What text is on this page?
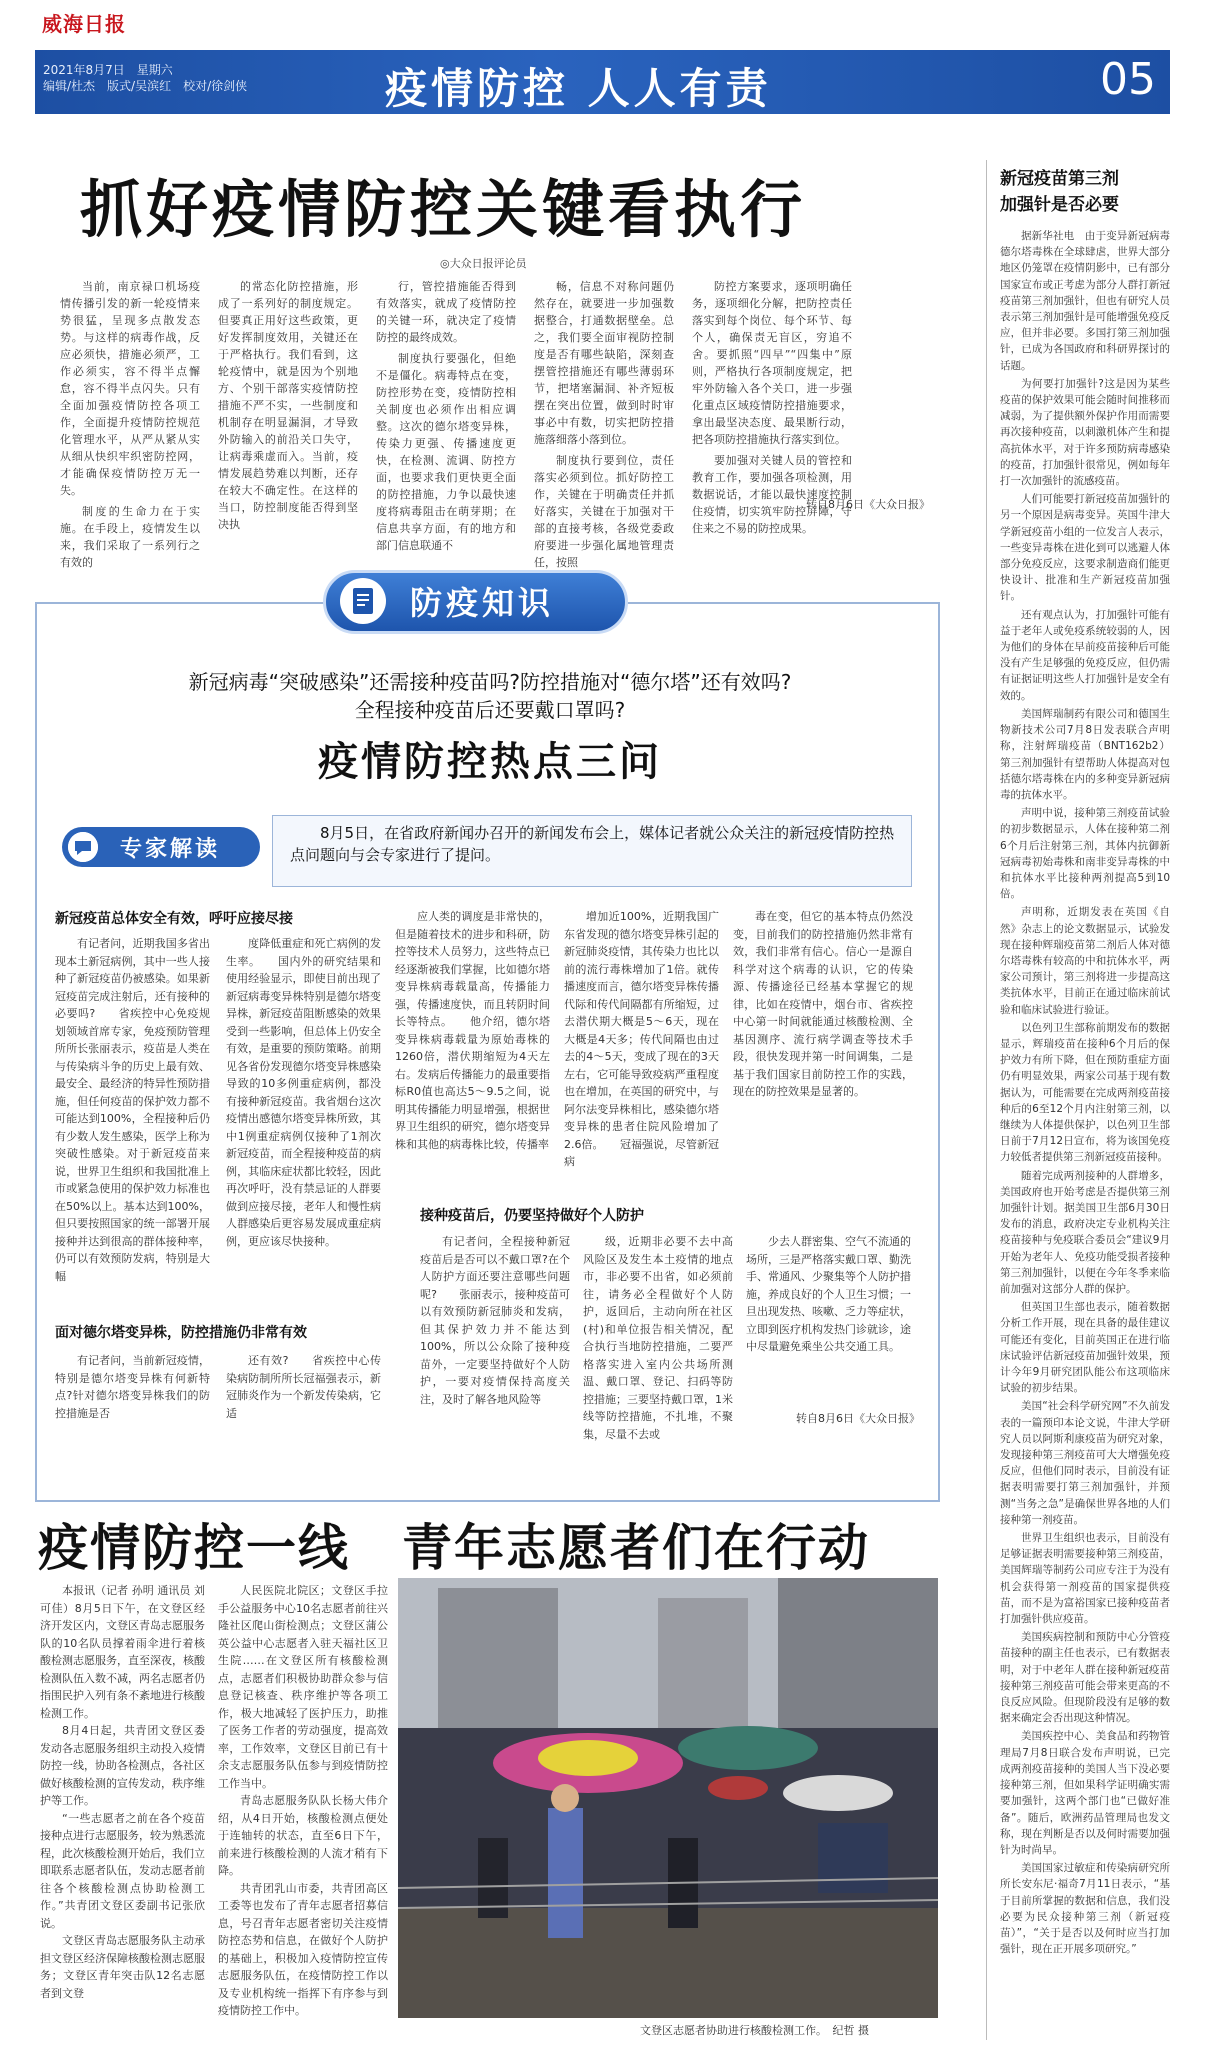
威海日报
2021年8月7日　星期六
编辑/杜杰　版式/吴滨红　校对/徐剑侠	疫情防控 人人有责	05
抓好疫情防控关键看执行
◎大众日报评论员

当前，南京禄口机场疫情传播引发的新一轮疫情来势很猛，呈现多点散发态势。与这样的病毒作战，反应必须快，措施必须严，工作必须实，容不得半点懈怠，容不得半点闪失。只有全面加强疫情防控各项工作，全面提升疫情防控规范化管理水平，从严从紧从实从细从快织牢织密防控网，才能确保疫情防控万无一失。

制度的生命力在于实施。在手段上，疫情发生以来，我们采取了一系列行之有效的

的常态化防控措施，形成了一系列好的制度规定。但要真正用好这些政策，更好发挥制度效用，关键还在于严格执行。我们看到，这轮疫情中，就是因为个别地方、个别干部落实疫情防控措施不严不实，一些制度和机制存在明显漏洞，才导致外防输入的前沿关口失守，让病毒乘虚而入。当前，疫情发展趋势难以判断，还存在较大不确定性。在这样的当口，防控制度能否得到坚决执

行，管控措施能否得到有效落实，就成了疫情防控的关键一环，就决定了疫情防控的最终成效。

制度执行要强化，但绝不是僵化。病毒特点在变，防控形势在变，疫情防控相关制度也必须作出相应调整。这次的德尔塔变异株，传染力更强、传播速度更快，在检测、流调、防控方面，也要求我们更快更全面的防控措施，力争以最快速度将病毒阻击在萌芽期；在信息共享方面，有的地方和部门信息联通不

畅，信息不对称问题仍然存在，就要进一步加强数据整合，打通数据壁垒。总之，我们要全面审视防控制度是否有哪些缺陷，深刻查摆管控措施还有哪些薄弱环节，把堵塞漏洞、补齐短板摆在突出位置，做到时时审事必中有数，切实把防控措施落细落小落到位。

制度执行要到位，责任落实必须到位。抓好防控工作，关键在于明确责任并抓好落实，关键在于加强对干部的直接考核，各级党委政府要进一步强化属地管理责任，按照

防控方案要求，逐项明确任务，逐项细化分解，把防控责任落实到每个岗位、每个环节、每个人，确保责无盲区，穷追不舍。要抓照“四早”“四集中”原则，严格执行各项制度规定，把牢外防输入各个关口，进一步强化重点区域疫情防控措施要求，拿出最坚决态度、最果断行动，把各项防控措施执行落实到位。

要加强对关键人员的管控和教育工作，要加强各项检测，用数据说话，才能以最快速度控制住疫情，切实筑牢防控屏障，守住来之不易的防控成果。

转自8月6日《大众日报》
新冠疫苗第三剂
加强针是否必要

据新华社电　由于变异新冠病毒德尔塔毒株在全球肆虐，世界大部分地区仍笼罩在疫情阴影中，已有部分国家宣布或正考虑为部分人群打新冠疫苗第三剂加强针，但也有研究人员表示第三剂加强针是可能增强免疫反应，但并非必要。多国打第三剂加强针，已成为各国政府和科研界探讨的话题。

为何要打加强针?这是因为某些疫苗的保护效果可能会随时间推移而减弱，为了提供额外保护作用而需要再次接种疫苗，以刺激机体产生和提高抗体水平，对于许多预防病毒感染的疫苗，打加强针很常见，例如每年打一次加强针的流感疫苗。

人们可能要打新冠疫苗加强针的另一个原因是病毒变异。英国牛津大学新冠疫苗小组的一位发言人表示，一些变异毒株在进化到可以逃避人体部分免疫反应，这要求制造商们能更快设计、批准和生产新冠疫苗加强针。

还有观点认为，打加强针可能有益于老年人或免疫系统较弱的人，因为他们的身体在早前疫苗接种后可能没有产生足够强的免疫反应，但仍需有证据证明这些人打加强针是安全有效的。

美国辉瑞制药有限公司和德国生物新技术公司7月8日发表联合声明称，注射辉瑞疫苗（BNT162b2）第三剂加强针有望帮助人体提高对包括德尔塔毒株在内的多种变异新冠病毒的抗体水平。

声明中说，接种第三剂疫苗试验的初步数据显示，人体在接种第二剂6个月后注射第三剂，其体内抗御新冠病毒初始毒株和南非变异毒株的中和抗体水平比接种两剂提高5到10倍。

声明称，近期发表在英国《自然》杂志上的论文数据显示，试验发现在接种辉瑞疫苗第二剂后人体对德尔塔毒株有较高的中和抗体水平，两家公司预计，第三剂将进一步提高这类抗体水平，目前正在通过临床前试验和临床试验进行验证。

以色列卫生部称前期发布的数据显示，辉瑞疫苗在接种6个月后的保护效力有所下降，但在预防重症方面仍有明显效果，两家公司基于现有数据认为，可能需要在完成两剂疫苗接种后的6至12个月内注射第三剂，以继续为人体提供保护，以色列卫生部日前于7月12日宣布，将为该国免疫力较低者提供第三剂新冠疫苗接种。

随着完成两剂接种的人群增多，美国政府也开始考虑是否提供第三剂加强针计划。据美国卫生部6月30日发布的消息，政府决定专业机构关注疫苗接种与免疫联合委员会“建议9月开始为老年人、免疫功能受损者接种第三剂加强针，以便在今年冬季来临前加强对这部分人群的保护。

但英国卫生部也表示，随着数据分析工作开展，现在具备的最佳建议可能还有变化，目前英国正在进行临床试验评估新冠疫苗加强针效果，预计今年9月研究团队能公布这项临床试验的初步结果。

美国“社会科学研究网”不久前发表的一篇预印本论文说，牛津大学研究人员以阿斯利康疫苗为研究对象，发现接种第三剂疫苗可大大增强免疫反应，但他们同时表示，目前没有证据表明需要打第三剂加强针，并预测“当务之急”是确保世界各地的人们接种第一剂疫苗。

世界卫生组织也表示，目前没有足够证据表明需要接种第三剂疫苗，美国辉瑞等制药公司应专注于为没有机会获得第一剂疫苗的国家提供疫苗，而不是为富裕国家已接种疫苗者打加强针供应疫苗。

美国疾病控制和预防中心分管疫苗接种的副主任也表示，已有数据表明，对于中老年人群在接种新冠疫苗接种第三剂疫苗可能会带来更高的不良反应风险。但现阶段没有足够的数据来确定会否出现这种情况。

美国疾控中心、美食品和药物管理局7月8日联合发布声明说，已完成两剂疫苗接种的美国人当下没必要接种第三剂，但如果科学证明确实需要加强针，这两个部门也“已做好准备”。随后，欧洲药品管理局也发文称，现在判断是否以及何时需要加强针为时尚早。

美国国家过敏症和传染病研究所所长安东尼·福奇7月11日表示，“基于目前所掌握的数据和信息，我们没必要为民众接种第三剂（新冠疫苗）”，“关于是否以及何时应当打加强针，现在正开展多项研究。”

防疫知识
新冠病毒“突破感染”还需接种疫苗吗?防控措施对“德尔塔”还有效吗?
全程接种疫苗后还要戴口罩吗?
疫情防控热点三问
专家解读
8月5日，在省政府新闻办召开的新闻发布会上，媒体记者就公众关注的新冠疫情防控热点问题向与会专家进行了提问。
新冠疫苗总体安全有效，呼吁应接尽接

有记者问，近期我国多省出现本土新冠病例，其中一些人接种了新冠疫苗仍被感染。如果新冠疫苗完成注射后，还有接种的必要吗?　　省疾控中心免疫规划领域首席专家，免疫预防管理所所长张丽表示，疫苗是人类在与传染病斗争的历史上最有效、最安全、最经济的特异性预防措施，但任何疫苗的保护效力都不可能达到100%，全程接种后仍有少数人发生感染，医学上称为突破性感染。对于新冠疫苗来说，世界卫生组织和我国批准上市或紧急使用的保护效力标准也在50%以上。基本达到100%，但只要按照国家的统一部署开展接种并达到很高的群体接种率，仍可以有效预防发病，特别是大幅

度降低重症和死亡病例的发生率。　　国内外的研究结果和使用经验显示，即使目前出现了新冠病毒变异株特别是德尔塔变异株，新冠疫苗阻断感染的效果受到一些影响，但总体上仍安全有效，是重要的预防策略。前期见各省份发现德尔塔变异株感染导致的10多例重症病例，都没有接种新冠疫苗。我省烟台这次疫情出感德尔塔变异株所致，其中1例重症病例仅接种了1剂次新冠疫苗，而全程接种疫苗的病例，其临床症状都比较轻，因此再次呼吁，没有禁忌证的人群要做到应接尽接，老年人和慢性病人群感染后更容易发展成重症病例，更应该尽快接种。

应人类的调度是非常快的，但是随着技术的进步和科研，防控等技术人员努力，这些特点已经逐渐被我们掌握，比如德尔塔变异株病毒载量高，传播能力强，传播速度快，而且转阴时间长等特点。　　他介绍，德尔塔变异株病毒载量为原始毒株的1260倍，潜伏期缩短为4天左右。发病后传播能力的最重要指标R0值也高达5～9.5之间，说明其传播能力明显增强，根据世界卫生组织的研究，德尔塔变异株和其他的病毒株比较，传播率

增加近100%，近期我国广东省发现的德尔塔变异株引起的新冠肺炎疫情，其传染力也比以前的流行毒株增加了1倍。就传播速度而言，德尔塔变异株传播代际和传代间隔都有所缩短，过去潜伏期大概是5～6天，现在大概是4天多；传代间隔也由过去的4～5天，变成了现在的3天左右，它可能导致疫病严重程度也在增加，在英国的研究中，与阿尔法变异株相比，感染德尔塔变异株的患者住院风险增加了2.6倍。　　冠福强说，尽管新冠病

毒在变，但它的基本特点仍然没变，目前我们的防控措施仍然非常有效，我们非常有信心。信心一是源自科学对这个病毒的认识，它的传染源、传播途径已经基本掌握它的规律，比如在疫情中，烟台市、省疾控中心第一时间就能通过核酸检测、全基因测序、流行病学调查等技术手段，很快发现并第一时间调集，二是基于我们国家目前防控工作的实践，现在的防控效果是显著的。

面对德尔塔变异株，防控措施仍非常有效

有记者问，当前新冠疫情，特别是德尔塔变异株有何新特点?针对德尔塔变异株我们的防控措施是否

还有效?　　省疾控中心传染病防制所所长冠福强表示，新冠肺炎作为一个新发传染病，它适

接种疫苗后，仍要坚持做好个人防护

有记者问，全程接种新冠疫苗后是否可以不戴口罩?在个人防护方面还要注意哪些问题呢?　　张丽表示，接种疫苗可以有效预防新冠肺炎和发病，但其保护效力并不能达到100%，所以公众除了接种疫苗外，一定要坚持做好个人防护，一要对疫情保持高度关注，及时了解各地风险等

级，近期非必要不去中高风险区及发生本土疫情的地点市，非必要不出省，如必须前往，请务必全程做好个人防护，返回后，主动向所在社区(村)和单位报告相关情况，配合执行当地防控措施，二要严格落实进入室内公共场所测温、戴口罩、登记、扫码等防控措施；三要坚持戴口罩，1米线等防控措施，不扎堆，不聚集，尽量不去或

少去人群密集、空气不流通的场所，三是严格落实戴口罩、勤洗手、常通风、少聚集等个人防护措施，养成良好的个人卫生习惯；一旦出现发热、咳嗽、乏力等症状，立即到医疗机构发热门诊就诊，途中尽量避免乘坐公共交通工具。

转自8月6日《大众日报》
疫情防控一线　青年志愿者们在行动

本报讯（记者 孙明 通讯员 刘可佳）8月5日下午，在文登区经济开发区内，文登区青岛志愿服务队的10名队员撑着雨伞进行着核酸检测志愿服务，直至深夜，核酸检测队伍入数不减，两名志愿者仍指围民护入列有条不紊地进行核酸检测工作。

8月4日起，共青团文登区委发动各志愿服务组织主动投入疫情防控一线，协助各检测点，各社区做好核酸检测的宣传发动，秩序维护等工作。

“一些志愿者之前在各个疫苗接种点进行志愿服务，较为熟悉流程，此次核酸检测开始后，我们立即联系志愿者队伍，发动志愿者前往各个核酸检测点协助检测工作。”共青团文登区委副书记张欣说。

文登区青岛志愿服务队主动承担文登区经济保障核酸检测志愿服务；文登区青年突击队12名志愿者到文登

人民医院北院区；文登区手拉手公益服务中心10名志愿者前往兴隆社区爬山街检测点；文登区蒲公英公益中心志愿者入驻天福社区卫生院……在文登区所有核酸检测点，志愿者们积极协助群众参与信息登记核查、秩序维护等各项工作，极大地减轻了医护压力，助推了医务工作者的劳动强度，提高效率，工作效率，文登区目前已有十余支志愿服务队伍参与到疫情防控工作当中。

青岛志愿服务队队长杨大伟介绍，从4日开始，核酸检测点便处于连轴转的状态，直至6日下午，前来进行核酸检测的人流才稍有下降。

共青团乳山市委，共青团高区工委等也发布了青年志愿者招募信息，号召青年志愿者密切关注疫情防控态势和信息，在做好个人防护的基础上，积极加入疫情防控宣传志愿服务队伍，在疫情防控工作以及专业机构统一指挥下有序参与到疫情防控工作中。

文登区志愿者协助进行核酸检测工作。　纪哲 摄
